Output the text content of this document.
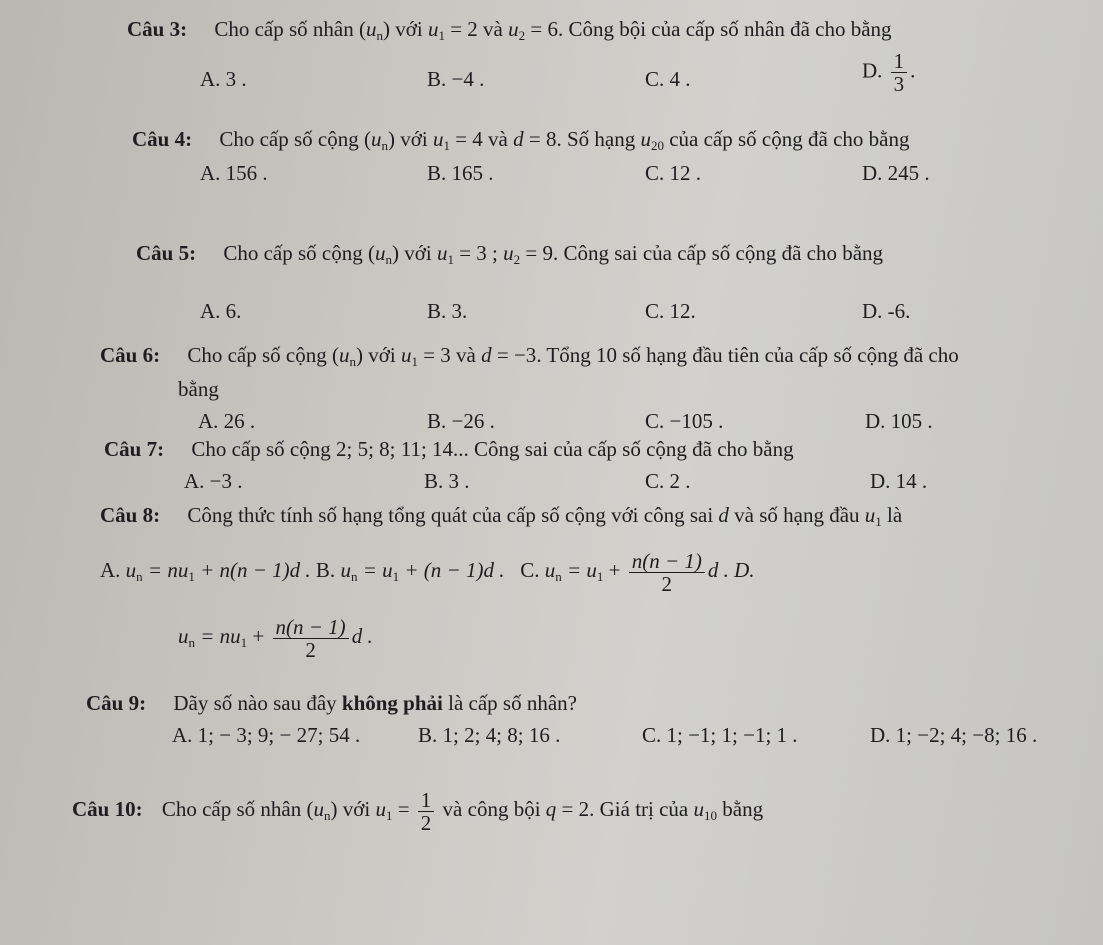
Câu 3: Cho cấp số nhân $(u_n)$ với $u_1 = 2$ và $u_2 = 6$. Công bội của cấp số nhân đã cho bằng
A. 3 .	B. −4 .	C. 4 .	D. $\frac{1}{3}$ .
Câu 4: Cho cấp số cộng $(u_n)$ với $u_1 = 4$ và d = 8. Số hạng $u_{20}$ của cấp số cộng đã cho bằng
A. 156 .	B. 165 .	C. 12 .	D. 245 .
Câu 5: Cho cấp số cộng $(u_n)$ với $u_1 = 3$ ; $u_2 = 9$. Công sai của cấp số cộng đã cho bằng
A. 6.	B. 3.	C. 12.	D. -6.
Câu 6: Cho cấp số cộng $(u_n)$ với $u_1 = 3$ và d = −3. Tổng 10 số hạng đầu tiên của cấp số cộng đã cho
bằng
A. 26 .	B. −26 .	C. −105 .	D. 105 .
Câu 7: Cho cấp số cộng 2; 5; 8; 11; 14... Công sai của cấp số cộng đã cho bằng
A. −3 .	B. 3 .	C. 2 .	D. 14 .
Câu 8: Công thức tính số hạng tổng quát của cấp số cộng với công sai d và số hạng đầu $u_1$ là
A. $u_n = nu_1 + n(n - 1)d$ . B. $u_n = u_1 + (n - 1)d$ . C. $u_n = u_1 + \frac{n(n - 1)}{2}$ d . D.
$u_n = nu_1 + \frac{n(n - 1)}{2}$ d .
Câu 9: Dãy số nào sau đây không phải là cấp số nhân?
A. 1; − 3; 9; − 27; 54 .	B. 1; 2; 4; 8; 16 .	C. 1; −1; 1; −1; 1 .	D. 1; −2; 4; −8; 16 .
Câu 10: Cho cấp số nhân $(u_n)$ với $u_1 = \frac{1}{2}$ và công bội q = 2. Giá trị của $u_{10}$ bằng
